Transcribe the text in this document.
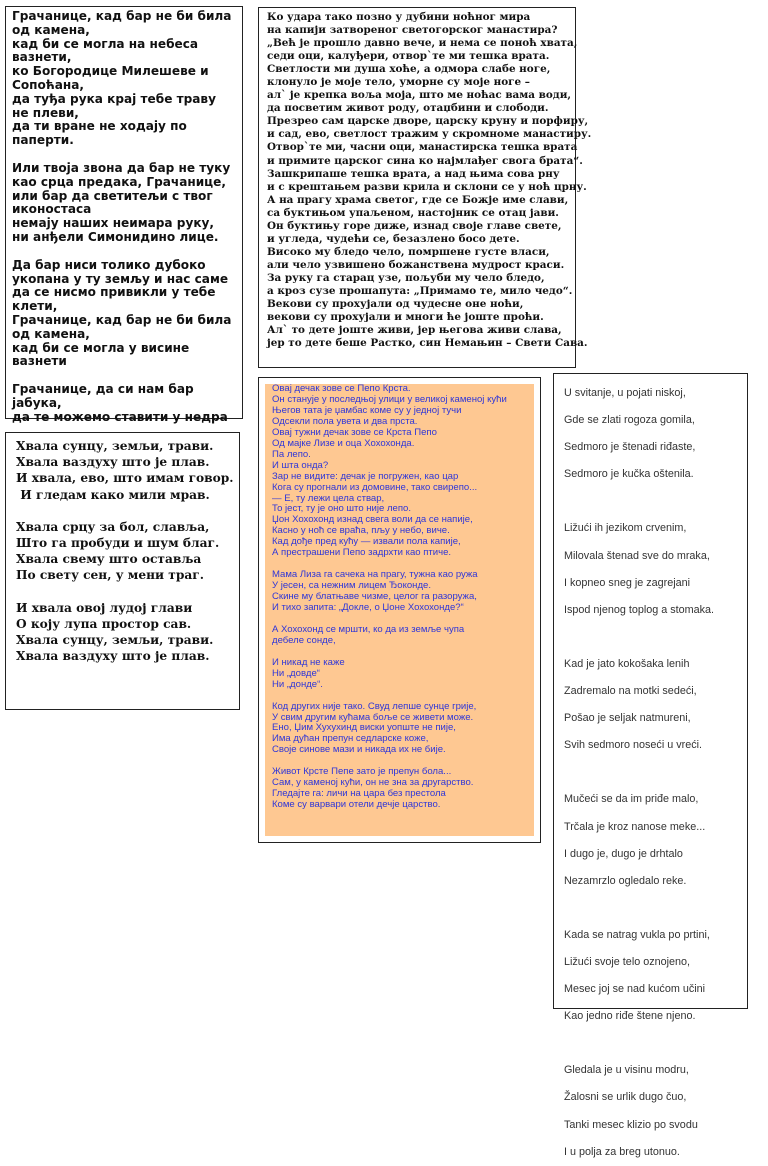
Грачанице, кад бар не би била од камена,
кад би се могла на небеса вазнети,
ко Богородице Милешеве и Сопоћана,
да туђа рука крај тебе траву не плеви,
да ти вране не ходају по паперти.
Или твоја звона да бар не туку као срца предака, Грачанице,
или бар да светитељи с твог иконостаса
немају наших неимара руку,
ни анђели Симонидино лице.
Да бар ниси толико дубоко укопана у ту земљу и нас саме
да се нисмо привикли у тебе клети,
Грачанице, кад бар не би била од камена,
кад би се могла у висине вазнети
Грачанице, да си нам бар јабука,
да те можемо ставити у недра
Ко удара тако позно у дубини ноћног мира
на капији затвореног светогорског манастира?
„Већ је прошло давно вече, и нема се поноћ хвата,
седи оци, калуђери, отвор`те ми тешка врата.
Светлости ми душа хоће, а одмора слабе ноге,
клонуло је моје тело, уморне су моје ноге –
ал` је крепка воља моја, што ме ноћас вама води,
да посветим живот роду, отаџбини и слободи.
Презрео сам царске дворе, царску круну и порфиру,
и сад, ево, светлост тражим у скромноме манастиру.
Отвор`те ми, часни оци, манастирска тешка врата
и примите царског сина ко најмлађег свога брата“.
Зашкрипаше тешка врата, а над њима сова рну
и с крештањем разви крила и склони се у ноћ црну.
А на прагу храма светог, где се Божје име слави,
са буктињом упаљеном, настојник се отац јави.
Он буктињу горе диже, изнад своје главе свете,
и угледа, чудећи се, безазлено босо дете.
Високо му бледо чело, помршене густе власи,
али чело узвишено божанствена мудрост краси.
За руку га старац узе, пољуби му чело бледо,
а кроз сузе прошапута: „Примамо те, мило чедо“.
Векови су прохујали од чудесне оне ноћи,
векови су прохујали и многи ће јоште проћи.
Ал` то дете јоште живи, јер његова живи слава,
јер то дете беше Растко, син Немањин – Свети Сава.
Хвала сунцу, земљи, трави.
Хвала ваздуху што је плав.
И хвала, ево, што имам говор.
И гледам како мили мрав.
Хвала срцу за бол, славља,
Што га пробуди и шум благ.
Хвала свему што оставља
По свету сен, у мени траг.
И хвала овој лудој глави
О коју лупа простор сав.
Хвала сунцу, земљи, трави.
Хвала ваздуху што је плав.
Овај дечак зове се Пепо Крста.
Он станује у последњој улици у великој каменој кући
Његов тата је џамбас коме су у једној тучи
Одсекли пола увета и два прста.
Овај тужни дечак зове се Крста Пепо
Од мајке Лизе и оца Хохохонда.
Па лепо.
И шта онда?
Зар не видите: дечак је погружен, као цар
Кога су прогнали из домовине, тако свирепо...
— Е, ту лежи цела ствар,
То јест, ту је оно што није лепо.
Џон Хохохонд изнад свега воли да се напије,
Касно у ноћ се враћа, пљу у небо, виче.
Кад дође пред кућу — извали пола капије,
А престрашени Пепо задрхти као птиче.
Мама Лиза га сачека на прагу, тужна као ружа
У јесен, са нежним лицем Ђоконде.
Скине му блатњаве чизме, целог га разоружа,
И тихо запита: „Докле, о Џоне Хохохонде?“
А Хохохонд се мршти, ко да из земље чупа
дебеле сонде,
И никад не каже
Ни „довде“
Ни „донде“.
Код других није тако. Свуд лепше сунце грије,
У свим другим кућама боље се живети може.
Ено, Џим Хухухинд виски уопште не пије,
Има дућан препун седларске коже,
Своје синове мази и никада их не бије.
Живот Крсте Пепе зато је препун бола...
Сам, у каменој кући, он не зна за другарство.
Гледајте га: личи на цара без престола
Коме су варвари отели дечје царство.
U svitanje, u pojati niskoj,
Gde se zlati rogoza gomila,
Sedmoro je štenadi riđaste,
Sedmoro je kučka oštenila.
Ližući ih jezikom crvenim,
Milovala štenad sve do mraka,
I kopneo sneg je zagrejani
Ispod njenog toplog a stomaka.
Kad je jato kokošaka lenih
Zadremalo na motki sedeći,
Pošao je seljak natmureni,
Svih sedmoro noseći u vreći.
Mučeći se da im priđe malo,
Trčala je kroz nanose meke...
I dugo je, dugo je drhtalo
Nezamrzlo ogledalo reke.
Kada se natrag vukla po prtini,
Ližući svoje telo oznojeno,
Mesec joj se nad kućom učini
Kao jedno riđe štene njeno.
Gledala je u visinu modru,
Žalosni se urlik dugo čuo,
Tanki mesec klizio po svodu
I u polja za breg utonuo.
